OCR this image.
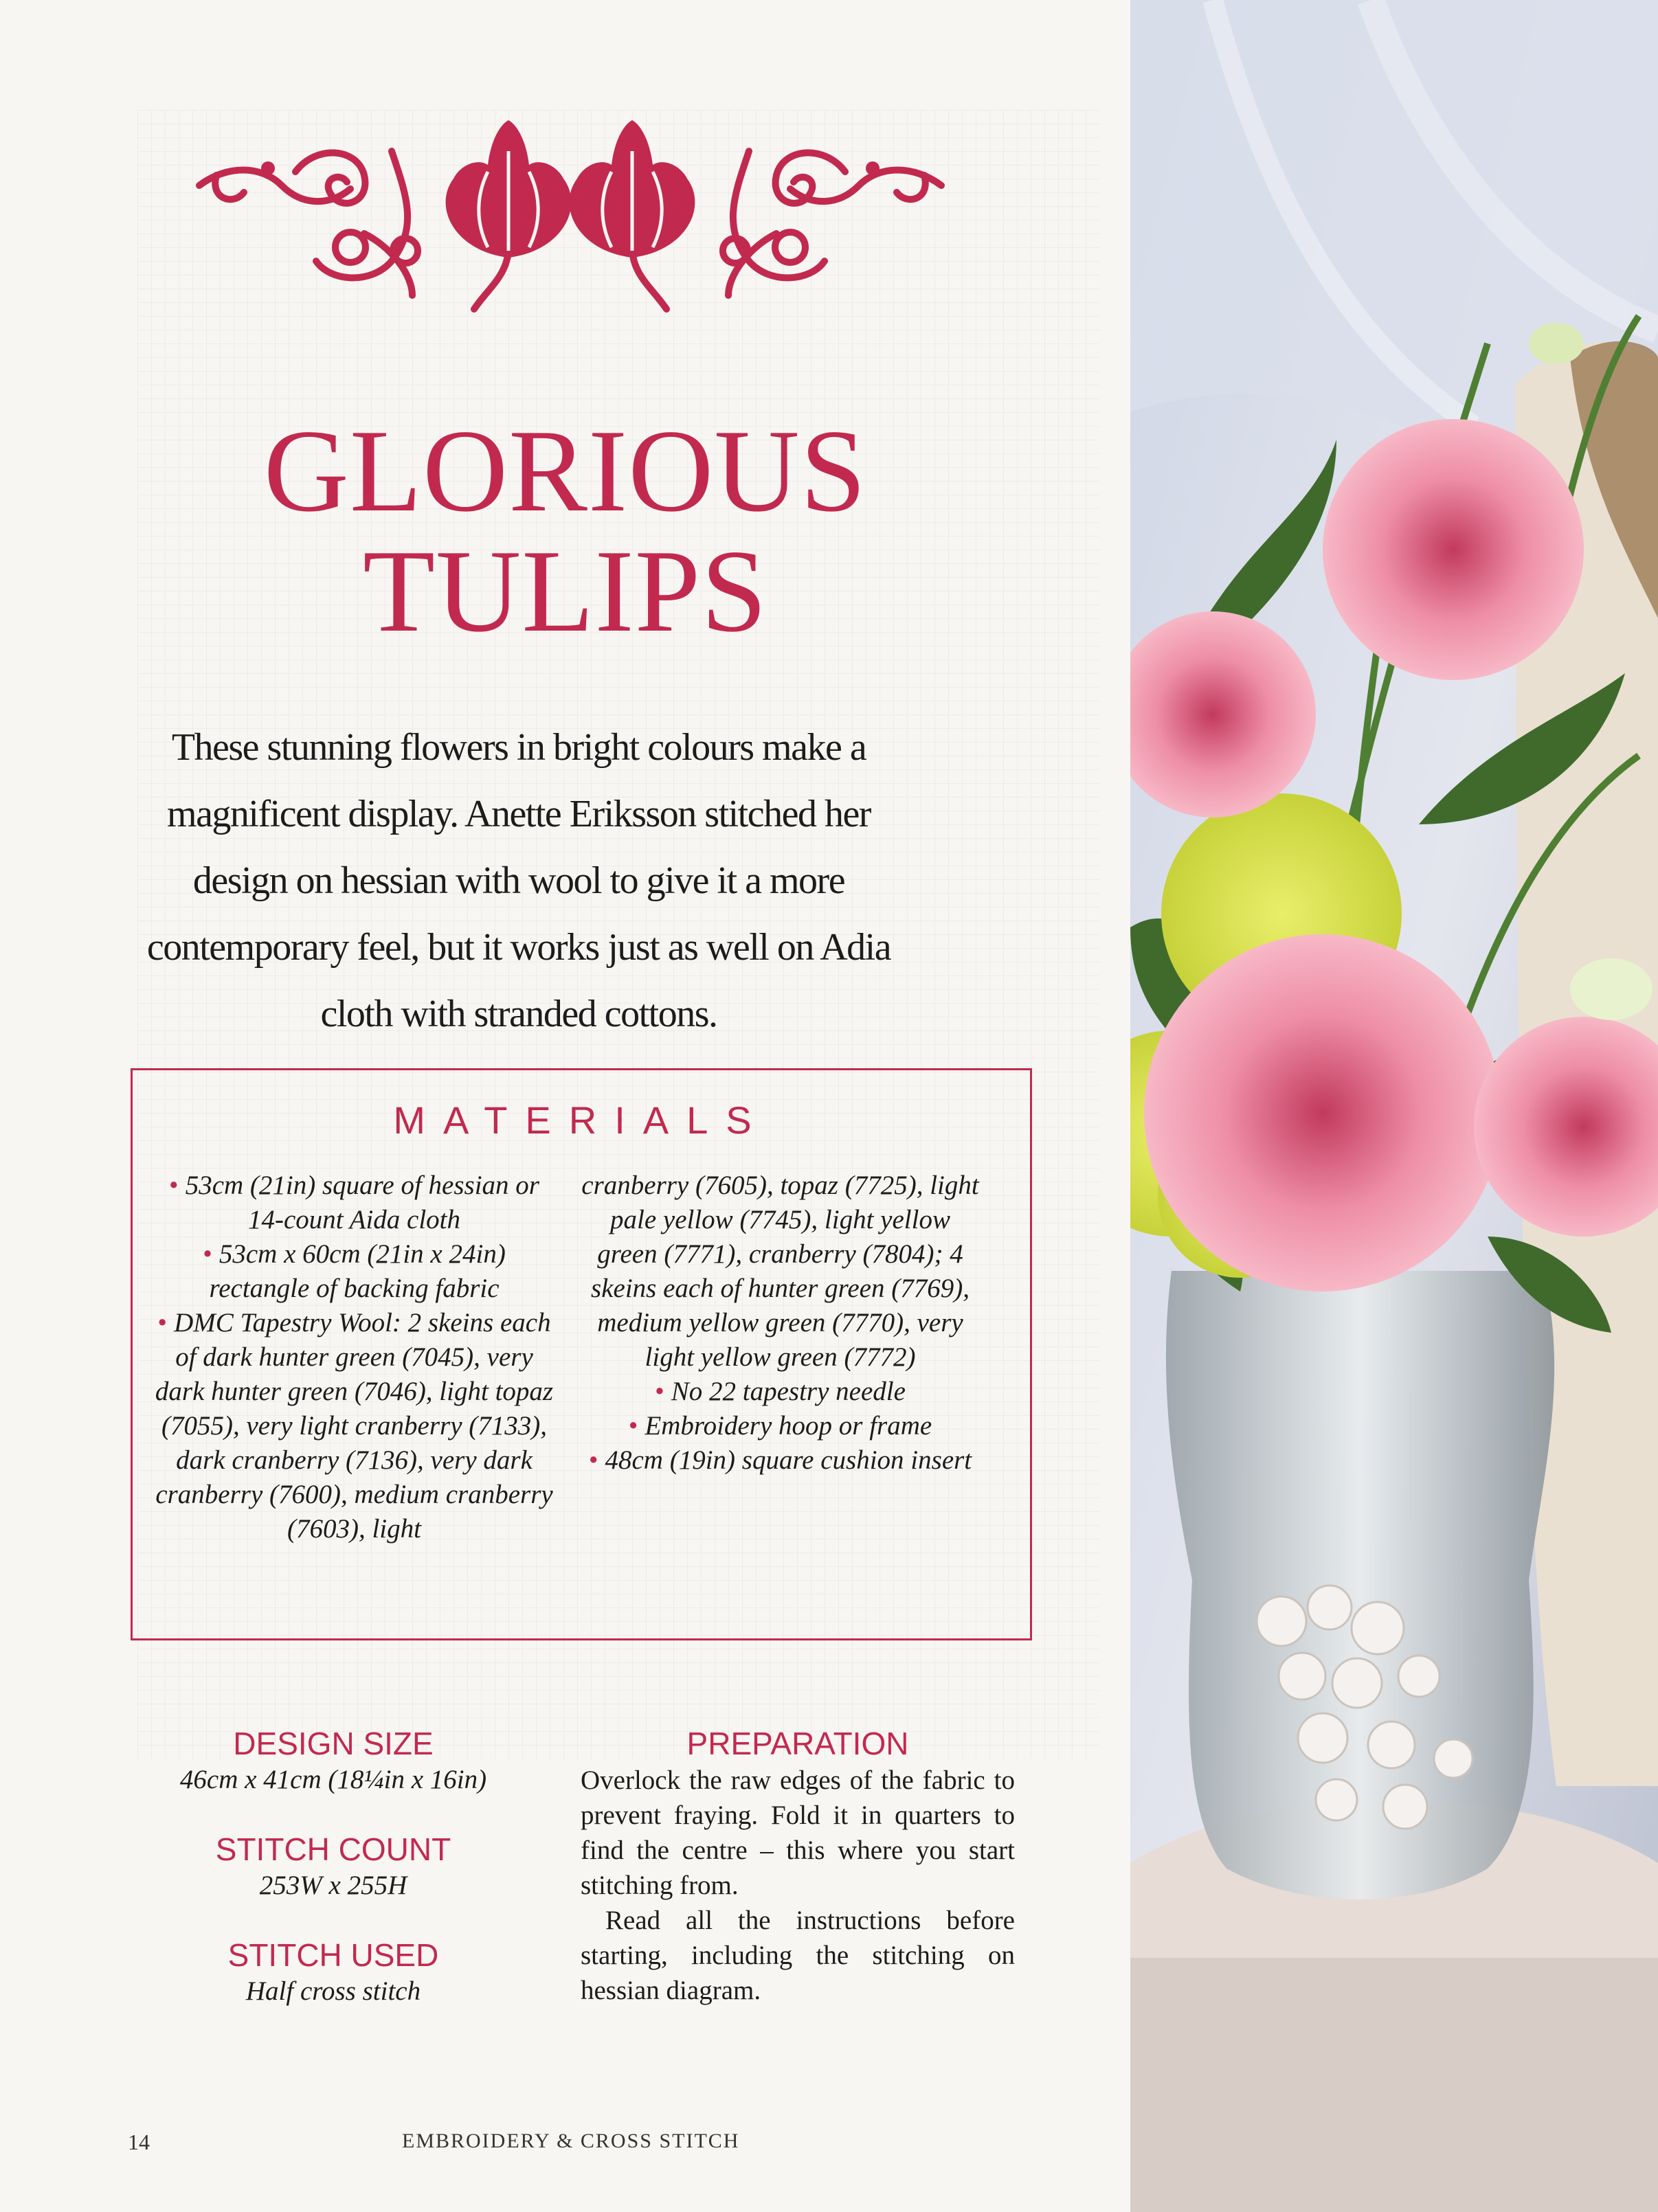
GLORIOUS
TULIPS

These stunning flowers in bright colours make a magnificent display. Anette Eriksson stitched her design on hessian with wool to give it a more contemporary feel, but it works just as well on Adia cloth with stranded cottons.

MATERIALS
• 53cm (21in) square of hessian or 14-count Aida cloth
• 53cm x 60cm (21in x 24in) rectangle of backing fabric
• DMC Tapestry Wool: 2 skeins each of dark hunter green (7045), very dark hunter green (7046), light topaz (7055), very light cranberry (7133), dark cranberry (7136), very dark cranberry (7600), medium cranberry (7603), light
cranberry (7605), topaz (7725), light pale yellow (7745), light yellow green (7771), cranberry (7804); 4 skeins each of hunter green (7769), medium yellow green (7770), very light yellow green (7772)
• No 22 tapestry needle
• Embroidery hoop or frame
• 48cm (19in) square cushion insert
DESIGN SIZE

46cm x 41cm (18¼in x 16in)

STITCH COUNT

253W x 255H

STITCH USED

Half cross stitch

PREPARATION

Overlock the raw edges of the fabric to prevent fraying. Fold it in quarters to find the centre – this where you start stitching from.

Read all the instructions before starting, including the stitching on hessian diagram.

14	EMBROIDERY & CROSS STITCH
